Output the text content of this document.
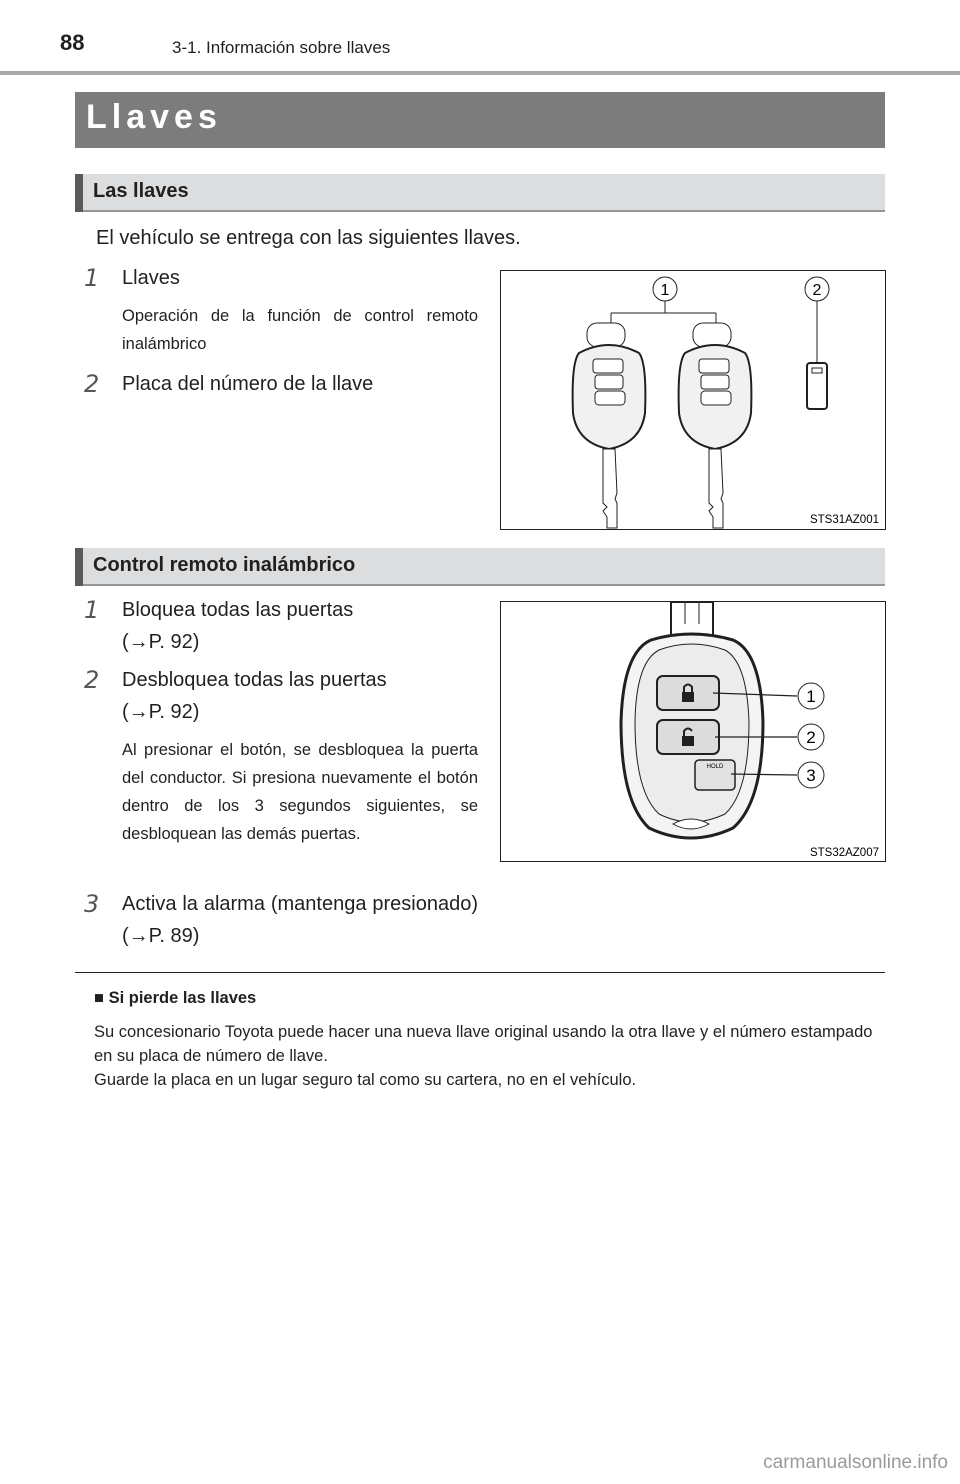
88	3-1. Información sobre llaves
Llaves
Las llaves
El vehículo se entrega con las siguientes llaves.
1 Llaves
Operación de la función de control remoto inalámbrico
2 Placa del número de la llave
1	2
STS31AZ001
Control remoto inalámbrico
1 Bloquea todas las puertas
(→P. 92)
2 Desbloquea todas las puertas
(→P. 92)
Al presionar el botón, se desbloquea la puerta del conductor. Si presiona nuevamente el botón dentro de los 3 segundos siguientes, se desbloquean las demás puertas.
3 Activa la alarma (mantenga presionado) (→P. 89)
HOLD
1
2
3
STS32AZ007
■ Si pierde las llaves
Su concesionario Toyota puede hacer una nueva llave original usando la otra llave y el número estampado en su placa de número de llave.
Guarde la placa en un lugar seguro tal como su cartera, no en el vehículo.
carmanualsonline.info
